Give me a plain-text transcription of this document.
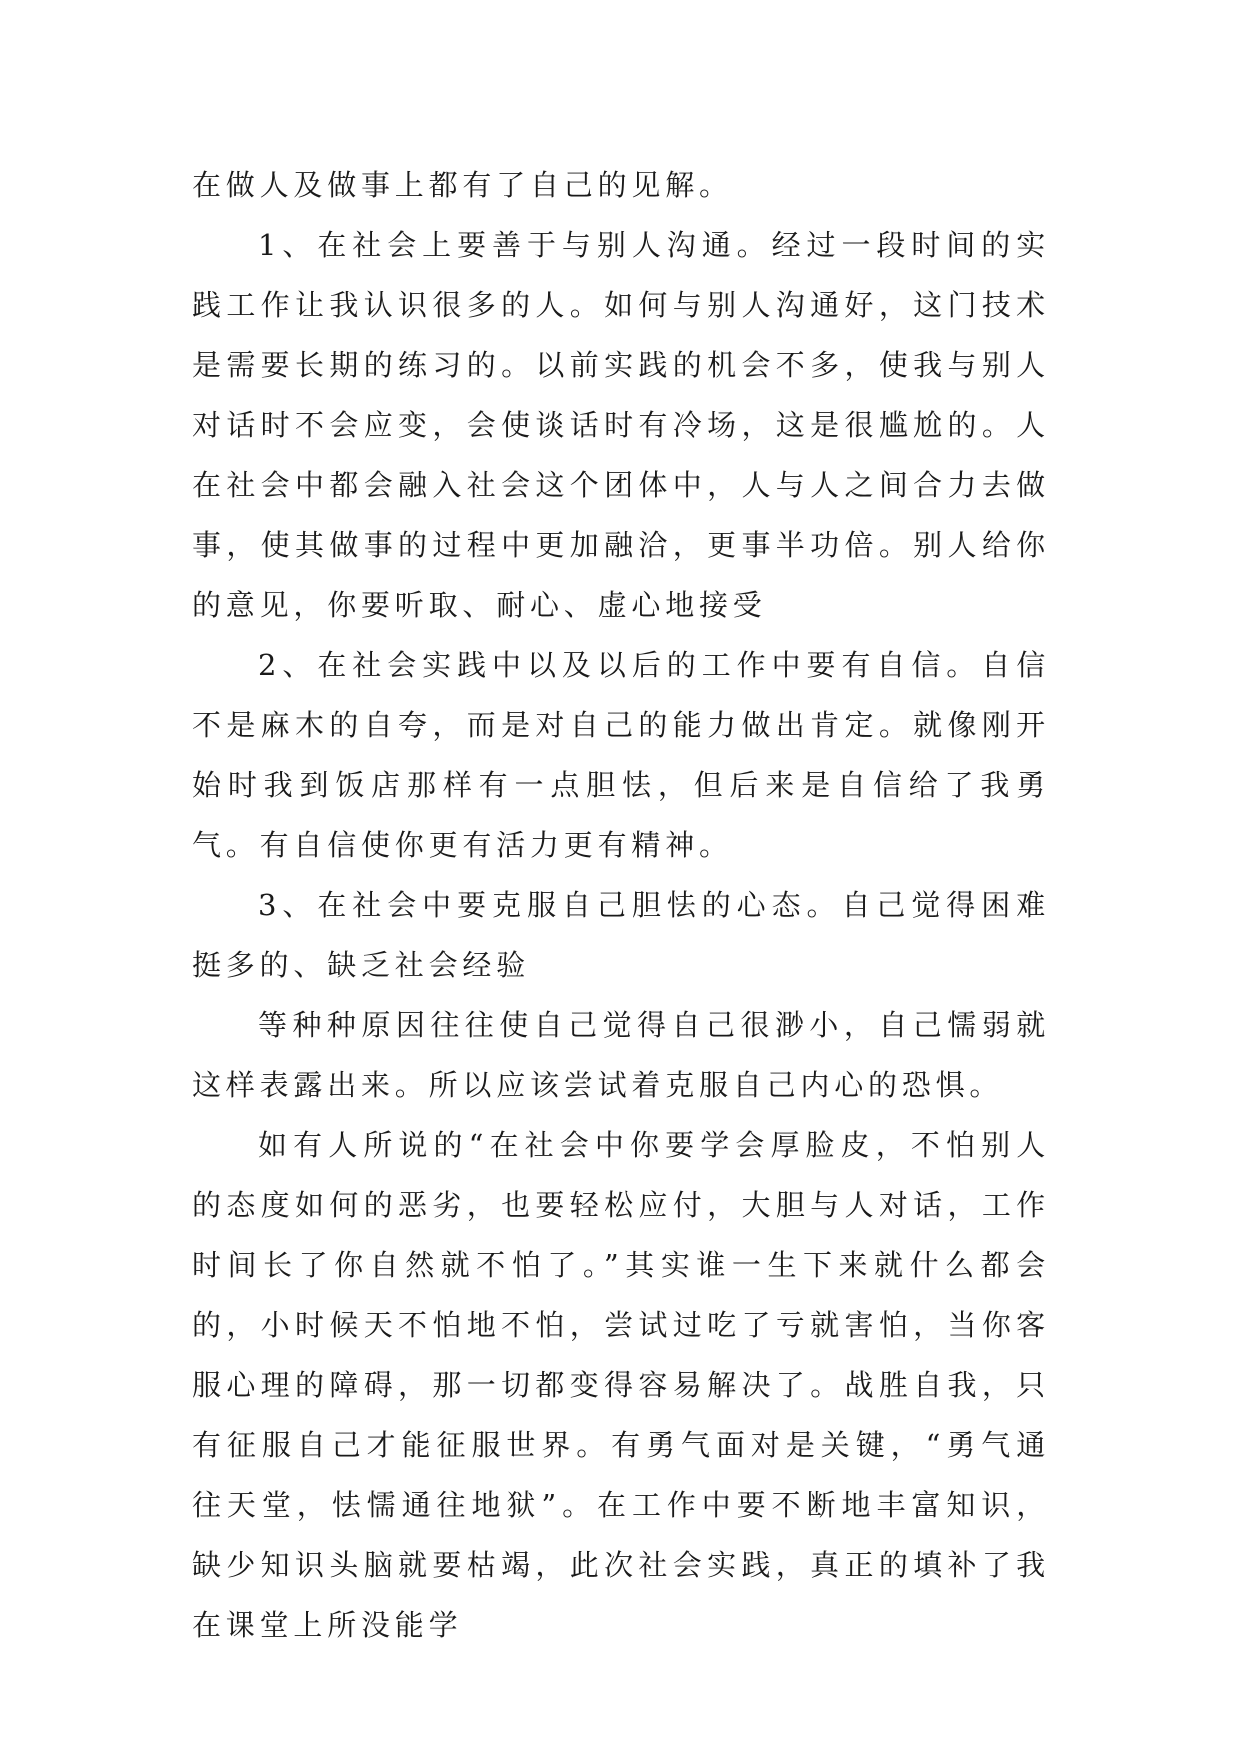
在做人及做事上都有了自己的见解。

1、在社会上要善于与别人沟通。经过一段时间的实践工作让我认识很多的人。如何与别人沟通好，这门技术是需要长期的练习的。以前实践的机会不多，使我与别人对话时不会应变，会使谈话时有冷场，这是很尴尬的。人在社会中都会融入社会这个团体中，人与人之间合力去做事，使其做事的过程中更加融洽，更事半功倍。别人给你的意见，你要听取、耐心、虚心地接受

2、在社会实践中以及以后的工作中要有自信。自信不是麻木的自夸，而是对自己的能力做出肯定。就像刚开始时我到饭店那样有一点胆怯，但后来是自信给了我勇气。有自信使你更有活力更有精神。

3、在社会中要克服自己胆怯的心态。自己觉得困难挺多的、缺乏社会经验

等种种原因往往使自己觉得自己很渺小，自己懦弱就这样表露出来。所以应该尝试着克服自己内心的恐惧。

如有人所说的“在社会中你要学会厚脸皮，不怕别人的态度如何的恶劣，也要轻松应付，大胆与人对话，工作时间长了你自然就不怕了。”其实谁一生下来就什么都会的，小时候天不怕地不怕，尝试过吃了亏就害怕，当你客服心理的障碍，那一切都变得容易解决了。战胜自我，只有征服自己才能征服世界。有勇气面对是关键，“勇气通往天堂，怯懦通往地狱”。在工作中要不断地丰富知识，缺少知识头脑就要枯竭，此次社会实践，真正的填补了我在课堂上所没能学
